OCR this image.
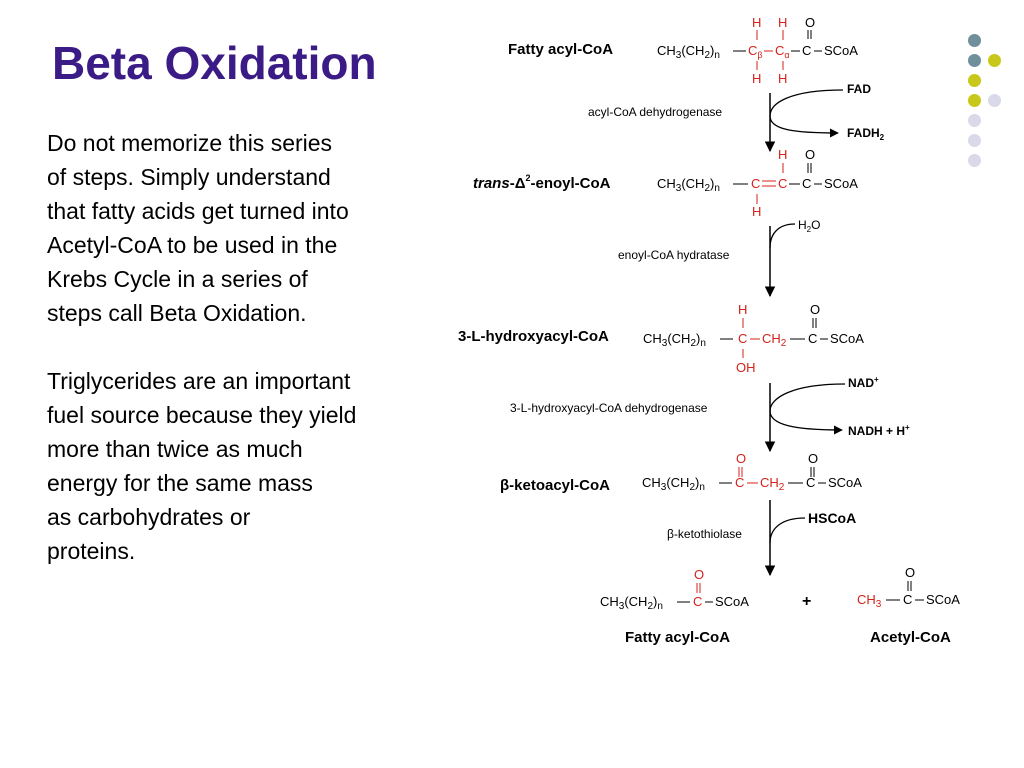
Beta Oxidation
Do not memorize this series
of steps. Simply understand
that fatty acids get turned into
Acetyl-CoA to be used in the
Krebs Cycle in a series of
steps call Beta Oxidation.
Triglycerides are an important
fuel source because they yield
more than twice as much
energy for the same mass
as carbohydrates or
proteins.
Fatty acyl-CoA
H H O
$CH_3(CH_2)_n$ $C_\beta$ $C_\alpha$ C SCoA
H H
acyl-CoA dehydrogenase
FAD
$FADH_2$
trans-$\Delta^2-enoyl$-CoA
H O
$CH_3(CH_2)_n$ C C C SCoA
H
enoyl-CoA hydratase
$H_2O$
3-L-hydroxyacyl-CoA
H	O
$CH_3(CH_2)_n$ C $CH_2$ C SCoA
OH
3-L-hydroxyacyl-CoA dehydrogenase
NAD+
NADH + H+
β-ketoacyl-CoA
O	O
$CH_3(CH_2)_n$ C $CH_2$ C SCoA
β-ketothiolase
HSCoA
O
$CH_3(CH_2)_n$ C SCoA
Fatty acyl-CoA
+
O
$CH_3$ C SCoA
Acetyl-CoA
